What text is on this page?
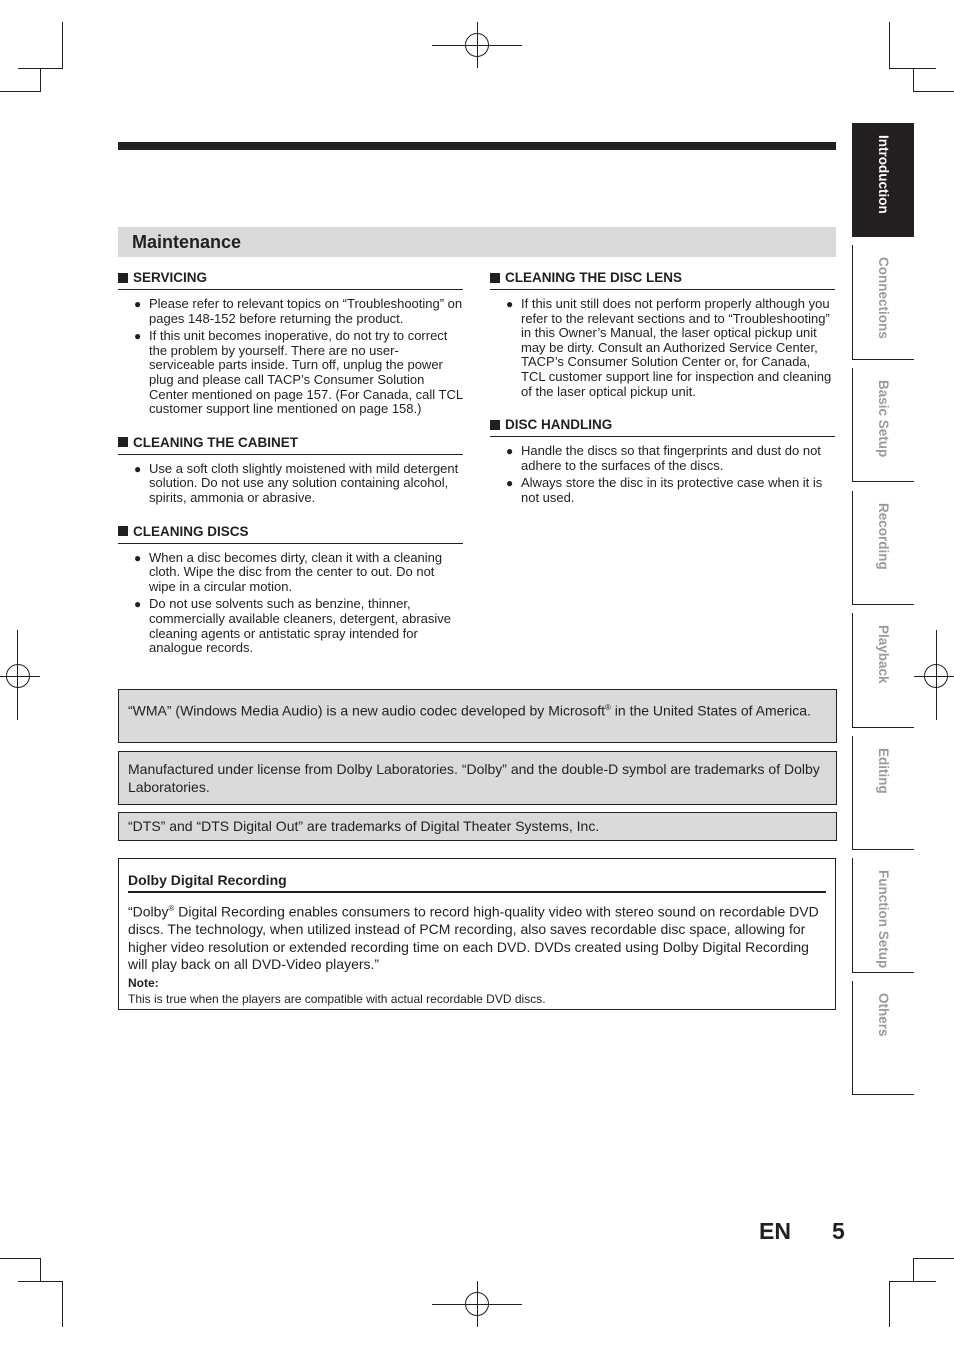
Maintenance
SERVICING
● Please refer to relevant topics on “Troubleshooting” on pages 148-152 before returning the product.
● If this unit becomes inoperative, do not try to correct the problem by yourself. There are no user-serviceable parts inside. Turn off, unplug the power plug and please call TACP’s Consumer Solution Center mentioned on page 157. (For Canada, call TCL customer support line mentioned on page 158.)
CLEANING THE CABINET
● Use a soft cloth slightly moistened with mild detergent solution. Do not use any solution containing alcohol, spirits, ammonia or abrasive.
CLEANING DISCS
● When a disc becomes dirty, clean it with a cleaning cloth. Wipe the disc from the center to out. Do not wipe in a circular motion.
● Do not use solvents such as benzine, thinner, commercially available cleaners, detergent, abrasive cleaning agents or antistatic spray intended for analogue records.
CLEANING THE DISC LENS
● If this unit still does not perform properly although you refer to the relevant sections and to “Troubleshooting” in this Owner’s Manual, the laser optical pickup unit may be dirty. Consult an Authorized Service Center, TACP’s Consumer Solution Center or, for Canada, TCL customer support line for inspection and cleaning of the laser optical pickup unit.
DISC HANDLING
● Handle the discs so that fingerprints and dust do not adhere to the surfaces of the discs.
● Always store the disc in its protective case when it is not used.
“WMA” (Windows Media Audio) is a new audio codec developed by Microsoft® in the United States of America.
Manufactured under license from Dolby Laboratories. “Dolby” and the double-D symbol are trademarks of Dolby Laboratories.
“DTS” and “DTS Digital Out” are trademarks of Digital Theater Systems, Inc.
Dolby Digital Recording
“Dolby® Digital Recording enables consumers to record high-quality video with stereo sound on recordable DVD discs. The technology, when utilized instead of PCM recording, also saves recordable disc space, allowing for higher video resolution or extended recording time on each DVD. DVDs created using Dolby Digital Recording will play back on all DVD-Video players.”
Note:
This is true when the players are compatible with actual recordable DVD discs.
Introduction
Connections
Basic Setup
Recording
Playback
Editing
Function Setup
Others
EN 5
